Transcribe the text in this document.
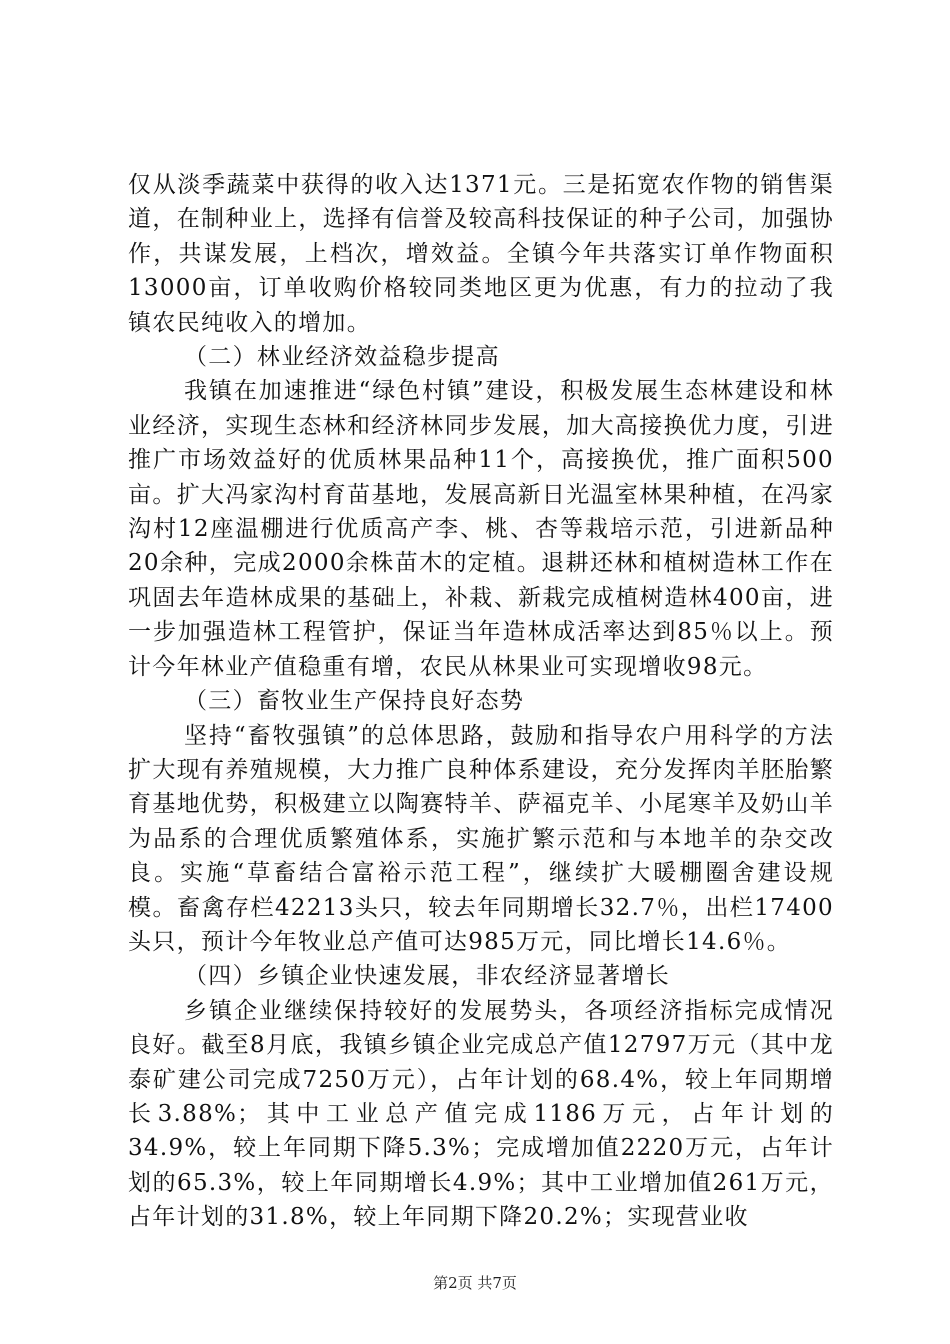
仅从淡季蔬菜中获得的收入达1371元。三是拓宽农作物的销售渠道，在制种业上，选择有信誉及较高科技保证的种子公司，加强协作，共谋发展，上档次，增效益。全镇今年共落实订单作物面积13000亩，订单收购价格较同类地区更为优惠，有力的拉动了我镇农民纯收入的增加。

（二）林业经济效益稳步提高

我镇在加速推进“绿色村镇”建设，积极发展生态林建设和林业经济，实现生态林和经济林同步发展，加大高接换优力度，引进推广市场效益好的优质林果品种11个，高接换优，推广面积500亩。扩大冯家沟村育苗基地，发展高新日光温室林果种植，在冯家沟村12座温棚进行优质高产李、桃、杏等栽培示范，引进新品种20余种，完成2000余株苗木的定植。退耕还林和植树造林工作在巩固去年造林成果的基础上，补栽、新栽完成植树造林400亩，进一步加强造林工程管护，保证当年造林成活率达到85％以上。预计今年林业产值稳重有增，农民从林果业可实现增收98元。

（三）畜牧业生产保持良好态势

坚持“畜牧强镇”的总体思路，鼓励和指导农户用科学的方法扩大现有养殖规模，大力推广良种体系建设，充分发挥肉羊胚胎繁育基地优势，积极建立以陶赛特羊、萨福克羊、小尾寒羊及奶山羊为品系的合理优质繁殖体系，实施扩繁示范和与本地羊的杂交改良。实施“草畜结合富裕示范工程”，继续扩大暖棚圈舍建设规模。畜禽存栏42213头只，较去年同期增长32.7％，出栏17400头只，预计今年牧业总产值可达985万元，同比增长14.6％。

（四）乡镇企业快速发展，非农经济显著增长

乡镇企业继续保持较好的发展势头，各项经济指标完成情况良好。截至8月底，我镇乡镇企业完成总产值12797万元（其中龙泰矿建公司完成7250万元），占年计划的68.4%，较上年同期增长3.88%；其中工业总产值完成1186万元，占年计划的34.9%，较上年同期下降5.3%；完成增加值2220万元，占年计划的65.3%，较上年同期增长4.9%；其中工业增加值261万元，占年计划的31.8%，较上年同期下降20.2%；实现营业收

第2页 共7页
